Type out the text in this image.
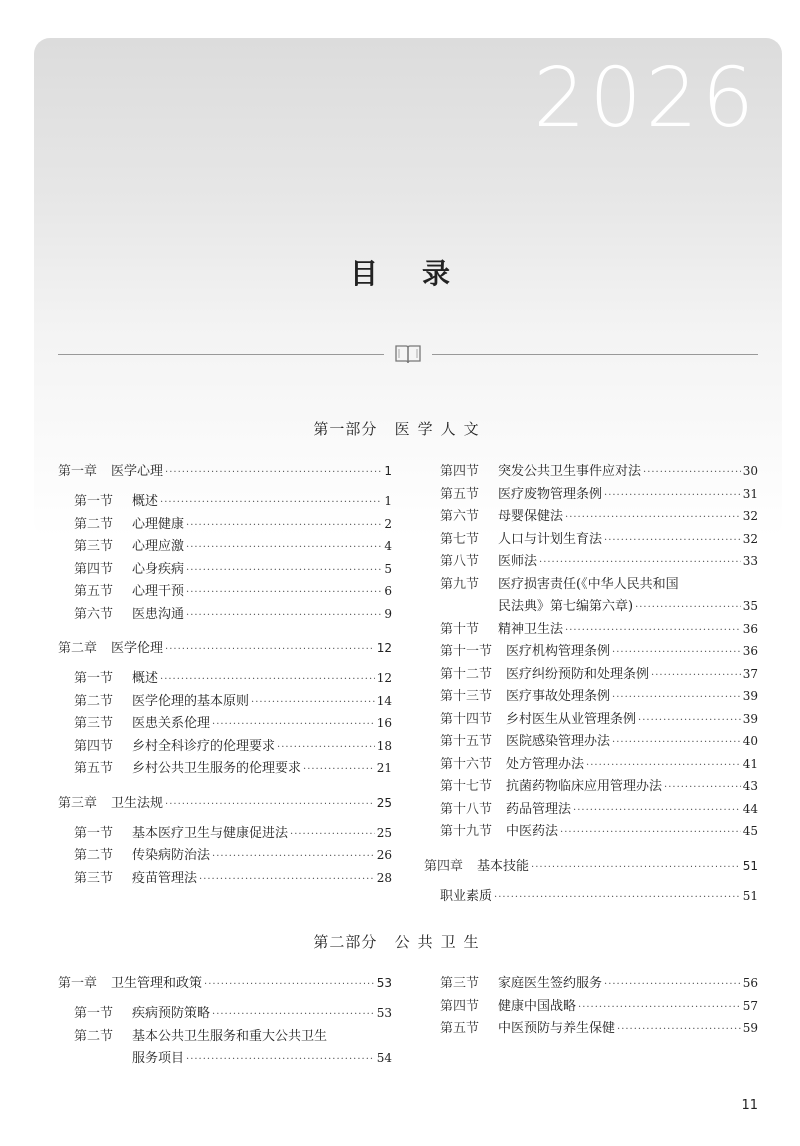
2026
目录
第一部分 医学人文
第一章 医学心理 ·····	1
第一节	概述 ·····	1
第二节	心理健康 ·····	2
第三节	心理应激 ·····	4
第四节	心身疾病 ·····	5
第五节	心理干预 ·····	6
第六节	医患沟通 ·····	9
第二章 医学伦理 ·····	12
第一节	概述 ·····	12
第二节	医学伦理的基本原则 ·····	14
第三节	医患关系伦理 ·····	16
第四节	乡村全科诊疗的伦理要求 ·····	18
第五节	乡村公共卫生服务的伦理要求 ·····	21
第三章 卫生法规 ·····	25
第一节	基本医疗卫生与健康促进法 ·····	25
第二节	传染病防治法 ·····	26
第三节	疫苗管理法 ·····	28
第四节	突发公共卫生事件应对法 ·····	30
第五节	医疗废物管理条例 ·····	31
第六节	母婴保健法 ·····	32
第七节	人口与计划生育法 ·····	32
第八节	医师法 ·····	33
第九节	医疗损害责任(《中华人民共和国
民法典》第七编第六章) ·····	35
第十节	精神卫生法 ·····	36
第十一节 医疗机构管理条例 ·····	36
第十二节 医疗纠纷预防和处理条例 ·····	37
第十三节 医疗事故处理条例 ·····	39
第十四节 乡村医生从业管理条例 ·····	39
第十五节 医院感染管理办法 ·····	40
第十六节 处方管理办法 ·····	41
第十七节 抗菌药物临床应用管理办法 ·····	43
第十八节 药品管理法 ·····	44
第十九节 中医药法 ·····	45
第四章 基本技能 ·····	51
职业素质 ·····	51
第二部分 公共卫生
第一章 卫生管理和政策 ·····	53
第一节	疾病预防策略 ·····	53
第二节	基本公共卫生服务和重大公共卫生
服务项目 ·····	54
第三节	家庭医生签约服务 ·····	56
第四节	健康中国战略 ·····	57
第五节	中医预防与养生保健 ·····	59
11
